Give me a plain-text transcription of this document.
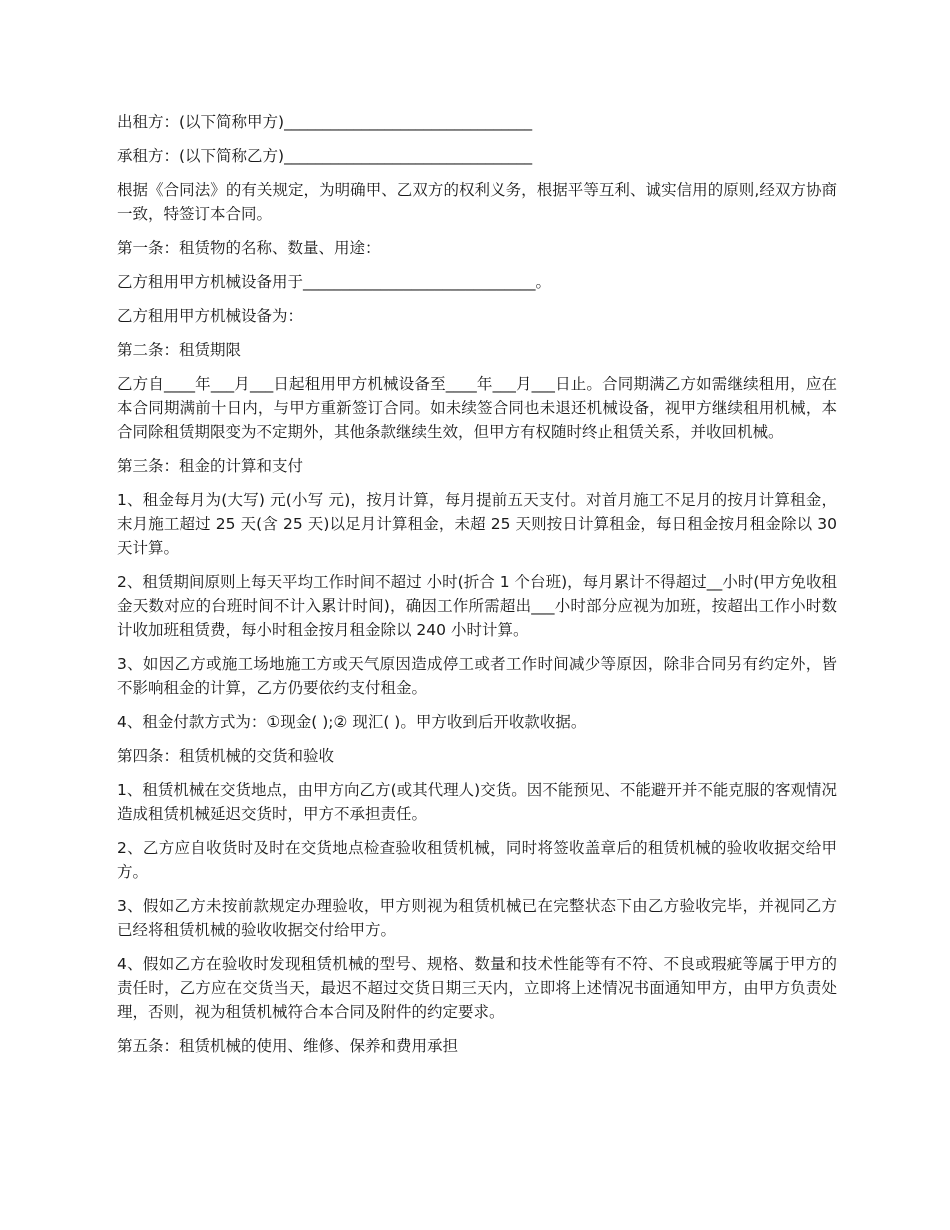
出租方：(以下简称甲方)________________________________

承租方：(以下简称乙方)________________________________

根据《合同法》的有关规定，为明确甲、乙双方的权利义务，根据平等互利、诚实信用的原则,经双方协商一致，特签订本合同。

第一条：租赁物的名称、数量、用途：

乙方租用甲方机械设备用于______________________________。

乙方租用甲方机械设备为：

第二条：租赁期限

乙方自____年___月___日起租用甲方机械设备至____年___月___日止。合同期满乙方如需继续租用，应在本合同期满前十日内，与甲方重新签订合同。如未续签合同也未退还机械设备，视甲方继续租用机械，本合同除租赁期限变为不定期外，其他条款继续生效，但甲方有权随时终止租赁关系，并收回机械。

第三条：租金的计算和支付

1、租金每月为(大写) 元(小写 元)，按月计算，每月提前五天支付。对首月施工不足月的按月计算租金，末月施工超过 25 天(含 25 天)以足月计算租金，未超 25 天则按日计算租金，每日租金按月租金除以 30 天计算。

2、租赁期间原则上每天平均工作时间不超过 小时(折合 1 个台班)，每月累计不得超过__小时(甲方免收租金天数对应的台班时间不计入累计时间)，确因工作所需超出___小时部分应视为加班，按超出工作小时数计收加班租赁费，每小时租金按月租金除以 240 小时计算。

3、如因乙方或施工场地施工方或天气原因造成停工或者工作时间减少等原因，除非合同另有约定外，皆不影响租金的计算，乙方仍要依约支付租金。

4、租金付款方式为：①现金( );② 现汇( )。甲方收到后开收款收据。

第四条：租赁机械的交货和验收

1、租赁机械在交货地点，由甲方向乙方(或其代理人)交货。因不能预见、不能避开并不能克服的客观情况造成租赁机械延迟交货时，甲方不承担责任。

2、乙方应自收货时及时在交货地点检查验收租赁机械，同时将签收盖章后的租赁机械的验收收据交给甲方。

3、假如乙方未按前款规定办理验收，甲方则视为租赁机械已在完整状态下由乙方验收完毕，并视同乙方已经将租赁机械的验收收据交付给甲方。

4、假如乙方在验收时发现租赁机械的型号、规格、数量和技术性能等有不符、不良或瑕疵等属于甲方的责任时，乙方应在交货当天，最迟不超过交货日期三天内，立即将上述情况书面通知甲方，由甲方负责处理，否则，视为租赁机械符合本合同及附件的约定要求。

第五条：租赁机械的使用、维修、保养和费用承担
